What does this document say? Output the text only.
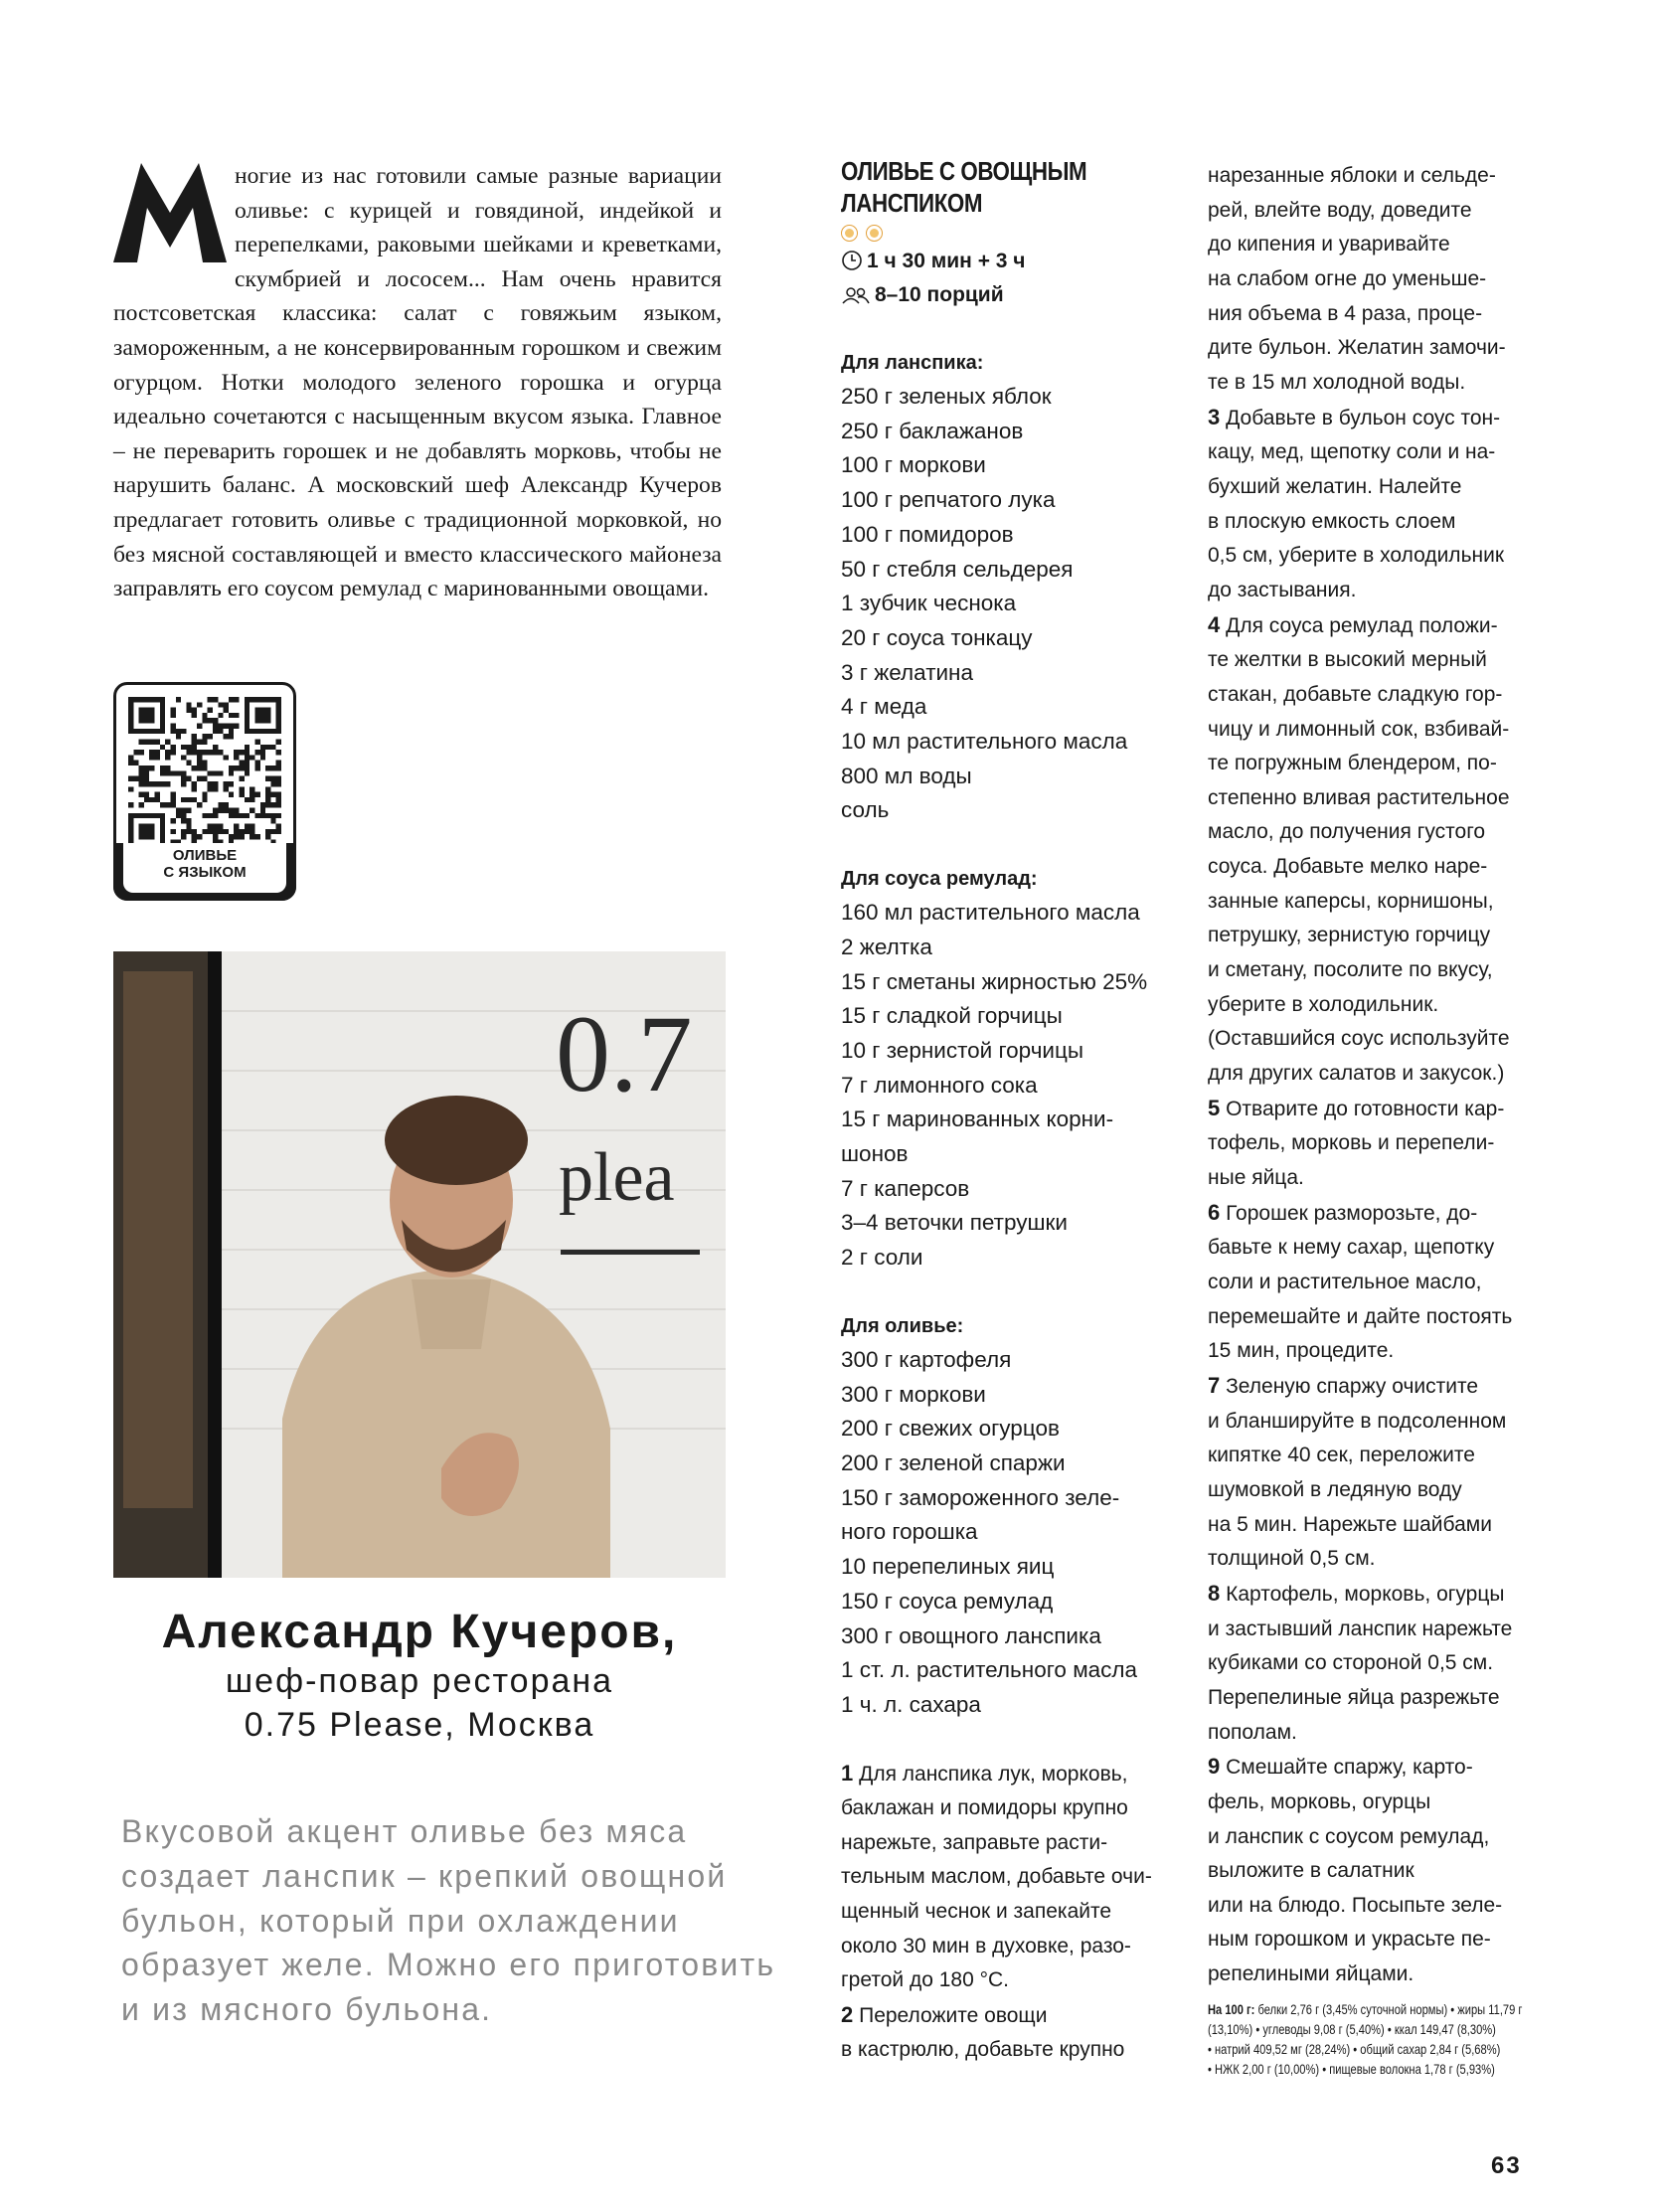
ногие из нас готовили самые разные вариации оливье: с курицей и говядиной, индейкой и перепелками, раковыми шейками и креветками, скумбрией и лососем... Нам очень нравится постсоветская классика: салат с говяжьим языком, замороженным, а не консервированным горошком и свежим огурцом. Нотки молодого зеленого горошка и огурца идеально сочетаются с насыщенным вкусом языка. Главное – не переварить горошек и не добавлять морковь, чтобы не нарушить баланс. А московский шеф Александр Кучеров предлагает готовить оливье с традиционной морковкой, но без мясной составляющей и вместо классического майонеза заправлять его соусом ремулад с маринованными овощами.
ОЛИВЬЕ
С ЯЗЫКОМ
0.7
plea
Александр Кучеров,
шеф-повар ресторана
0.75 Please, Москва
Вкусовой акцент оливье без мяса создает ланспик – крепкий овощной бульон, который при охлаждении образует желе. Можно его приготовить и из мясного бульона.
ОЛИВЬЕ С ОВОЩНЫМ ЛАНСПИКОМ

1 ч 30 мин + 3 ч
8–10 порций
Для ланспика:
250 г зеленых яблок
250 г баклажанов
100 г моркови
100 г репчатого лука
100 г помидоров
50 г стебля сельдерея
1 зубчик чеснока
20 г соуса тонкацу
3 г желатина
4 г меда
10 мл растительного масла
800 мл воды
соль
Для соуса ремулад:
160 мл растительного масла
2 желтка
15 г сметаны жирностью 25%
15 г сладкой горчицы
10 г зернистой горчицы
7 г лимонного сока
15 г маринованных корни-
шонов
7 г каперсов
3–4 веточки петрушки
2 г соли
Для оливье:
300 г картофеля
300 г моркови
200 г свежих огурцов
200 г зеленой спаржи
150 г замороженного зеле-
ного горошка
10 перепелиных яиц
150 г соуса ремулад
300 г овощного ланспика
1 ст. л. растительного масла
1 ч. л. сахара
1 Для ланспика лук, морковь,
баклажан и помидоры крупно
нарежьте, заправьте расти-
тельным маслом, добавьте очи-
щенный чеснок и запекайте
около 30 мин в духовке, разо-
гретой до 180 °С.
2 Переложите овощи
в кастрюлю, добавьте крупно
нарезанные яблоки и сельде-
рей, влейте воду, доведите
до кипения и уваривайте
на слабом огне до уменьше-
ния объема в 4 раза, проце-
дите бульон. Желатин замочи-
те в 15 мл холодной воды.
3 Добавьте в бульон соус тон-
кацу, мед, щепотку соли и на-
бухший желатин. Налейте
в плоскую емкость слоем
0,5 см, уберите в холодильник
до застывания.
4 Для соуса ремулад положи-
те желтки в высокий мерный
стакан, добавьте сладкую гор-
чицу и лимонный сок, взбивай-
те погружным блендером, по-
степенно вливая растительное
масло, до получения густого
соуса. Добавьте мелко наре-
занные каперсы, корнишоны,
петрушку, зернистую горчицу
и сметану, посолите по вкусу,
уберите в холодильник.
(Оставшийся соус используйте
для других салатов и закусок.)
5 Отварите до готовности кар-
тофель, морковь и перепели-
ные яйца.
6 Горошек разморозьте, до-
бавьте к нему сахар, щепотку
соли и растительное масло,
перемешайте и дайте постоять
15 мин, процедите.
7 Зеленую спаржу очистите
и бланшируйте в подсоленном
кипятке 40 сек, переложите
шумовкой в ледяную воду
на 5 мин. Нарежьте шайбами
толщиной 0,5 см.
8 Картофель, морковь, огурцы
и застывший ланспик нарежьте
кубиками со стороной 0,5 см.
Перепелиные яйца разрежьте
пополам.
9 Смешайте спаржу, карто-
фель, морковь, огурцы
и ланспик с соусом ремулад,
выложите в салатник
или на блюдо. Посыпьте зеле-
ным горошком и украсьте пе-
репелиными яйцами.
На 100 г: белки 2,76 г (3,45% суточной нормы) • жиры 11,79 г
(13,10%) • углеводы 9,08 г (5,40%) • ккал 149,47 (8,30%)
• натрий 409,52 мг (28,24%) • общий сахар 2,84 г (5,68%)
• НЖК 2,00 г (10,00%) • пищевые волокна 1,78 г (5,93%)
63
